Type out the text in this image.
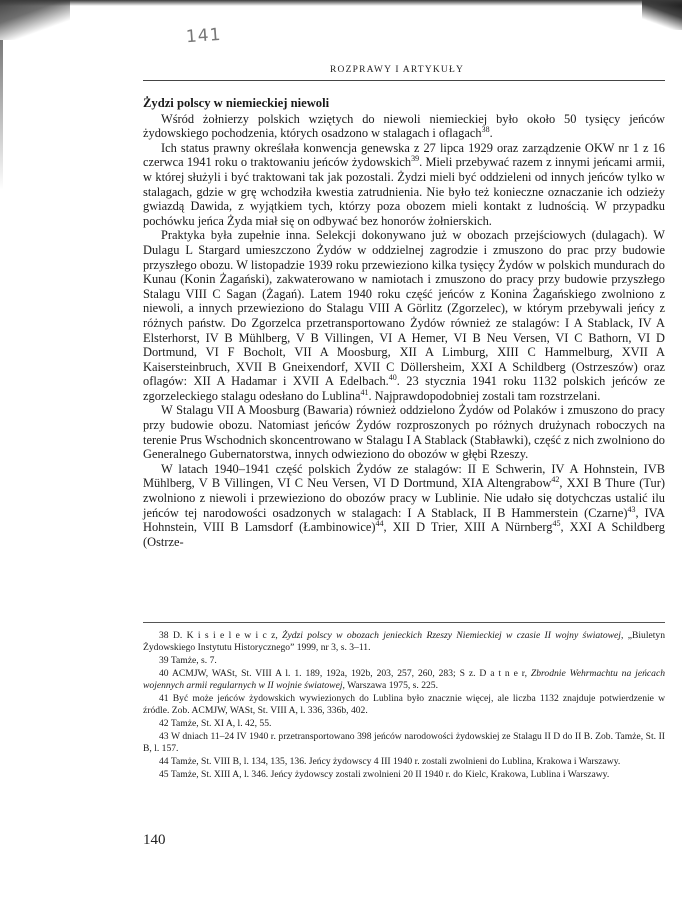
141
ROZPRAWY I ARTYKUŁY
Żydzi polscy w niemieckiej niewoli

Wśród żołnierzy polskich wziętych do niewoli niemieckiej było około 50 tysięcy jeńców żydowskiego pochodzenia, których osadzono w stalagach i oflagach$^{38}$.

Ich status prawny określała konwencja genewska z 27 lipca 1929 oraz zarządzenie OKW nr 1 z 16 czerwca 1941 roku o traktowaniu jeńców żydowskich$^{39}$. Mieli przebywać razem z innymi jeńcami armii, w której służyli i być traktowani tak jak pozostali. Żydzi mieli być oddzieleni od innych jeńców tylko w stalagach, gdzie w grę wchodziła kwestia zatrudnienia. Nie było też konieczne oznaczanie ich odzieży gwiazdą Dawida, z wyjątkiem tych, którzy poza obozem mieli kontakt z ludnością. W przypadku pochówku jeńca Żyda miał się on odbywać bez honorów żołnierskich.

Praktyka była zupełnie inna. Selekcji dokonywano już w obozach przejściowych (dulagach). W Dulagu L Stargard umieszczono Żydów w oddzielnej zagrodzie i zmuszono do prac przy budowie przyszłego obozu. W listopadzie 1939 roku przewieziono kilka tysięcy Żydów w polskich mundurach do Kunau (Konin Żagański), zakwaterowano w namiotach i zmuszono do pracy przy budowie przyszłego Stalagu VIII C Sagan (Żagań). Latem 1940 roku część jeńców z Konina Żagańskiego zwolniono z niewoli, a innych przewieziono do Stalagu VIII A Görlitz (Zgorzelec), w którym przebywali jeńcy z różnych państw. Do Zgorzelca przetransportowano Żydów również ze stalagów: I A Stablack, IV A Elsterhorst, IV B Mühlberg, V B Villingen, VI A Hemer, VI B Neu Versen, VI C Bathorn, VI D Dortmund, VI F Bocholt, VII A Moosburg, XII A Limburg, XIII C Hammelburg, XVII A Kaisersteinbruch, XVII B Gneixendorf, XVII C Döllersheim, XXI A Schildberg (Ostrzeszów) oraz oflagów: XII A Hadamar i XVII A Edelbach.$^{40}$. 23 stycznia 1941 roku 1132 polskich jeńców ze zgorzeleckiego stalagu odesłano do Lublina$^{41}$. Najprawdopodobniej zostali tam rozstrzelani.

W Stalagu VII A Moosburg (Bawaria) również oddzielono Żydów od Polaków i zmuszono do pracy przy budowie obozu. Natomiast jeńców Żydów rozproszonych po różnych drużynach roboczych na terenie Prus Wschodnich skoncentrowano w Stalagu I A Stablack (Stabławki), część z nich zwolniono do Generalnego Gubernatorstwa, innych odwieziono do obozów w głębi Rzeszy.

W latach 1940–1941 część polskich Żydów ze stalagów: II E Schwerin, IV A Hohnstein, IVB Mühlberg, V B Villingen, VI C Neu Versen, VI D Dortmund, XIA Altengrabow$^{42}$, XXI B Thure (Tur) zwolniono z niewoli i przewieziono do obozów pracy w Lublinie. Nie udało się dotychczas ustalić ilu jeńców tej narodowości osadzonych w stalagach: I A Stablack, II B Hammerstein (Czarne)$^{43}$, IVA Hohnstein, VIII B Lamsdorf (Łambinowice)$^{44}$, XII D Trier, XIII A Nürnberg$^{45}$, XXI A Schildberg (Ostrze-

38 D. K i s i e l e w i c z, Żydzi polscy w obozach jenieckich Rzeszy Niemieckiej w czasie II wojny światowej, „Biuletyn Żydowskiego Instytutu Historycznego” 1999, nr 3, s. 3–11.

39 Tamże, s. 7.

40 ACMJW, WASt, St. VIII A l. 1. 189, 192a, 192b, 203, 257, 260, 283; S z. D a t n e r, Zbrodnie Wehrmachtu na jeńcach wojennych armii regularnych w II wojnie światowej, Warszawa 1975, s. 225.

41 Być może jeńców żydowskich wywiezionych do Lublina było znacznie więcej, ale liczba 1132 znajduje potwierdzenie w źródle. Zob. ACMJW, WASt, St. VIII A, l. 336, 336b, 402.

42 Tamże, St. XI A, l. 42, 55.

43 W dniach 11–24 IV 1940 r. przetransportowano 398 jeńców narodowości żydowskiej ze Stalagu II D do II B. Zob. Tamże, St. II B, l. 157.

44 Tamże, St. VIII B, l. 134, 135, 136. Jeńcy żydowscy 4 III 1940 r. zostali zwolnieni do Lublina, Krakowa i Warszawy.

45 Tamże, St. XIII A, l. 346. Jeńcy żydowscy zostali zwolnieni 20 II 1940 r. do Kielc, Krakowa, Lublina i Warszawy.

140
